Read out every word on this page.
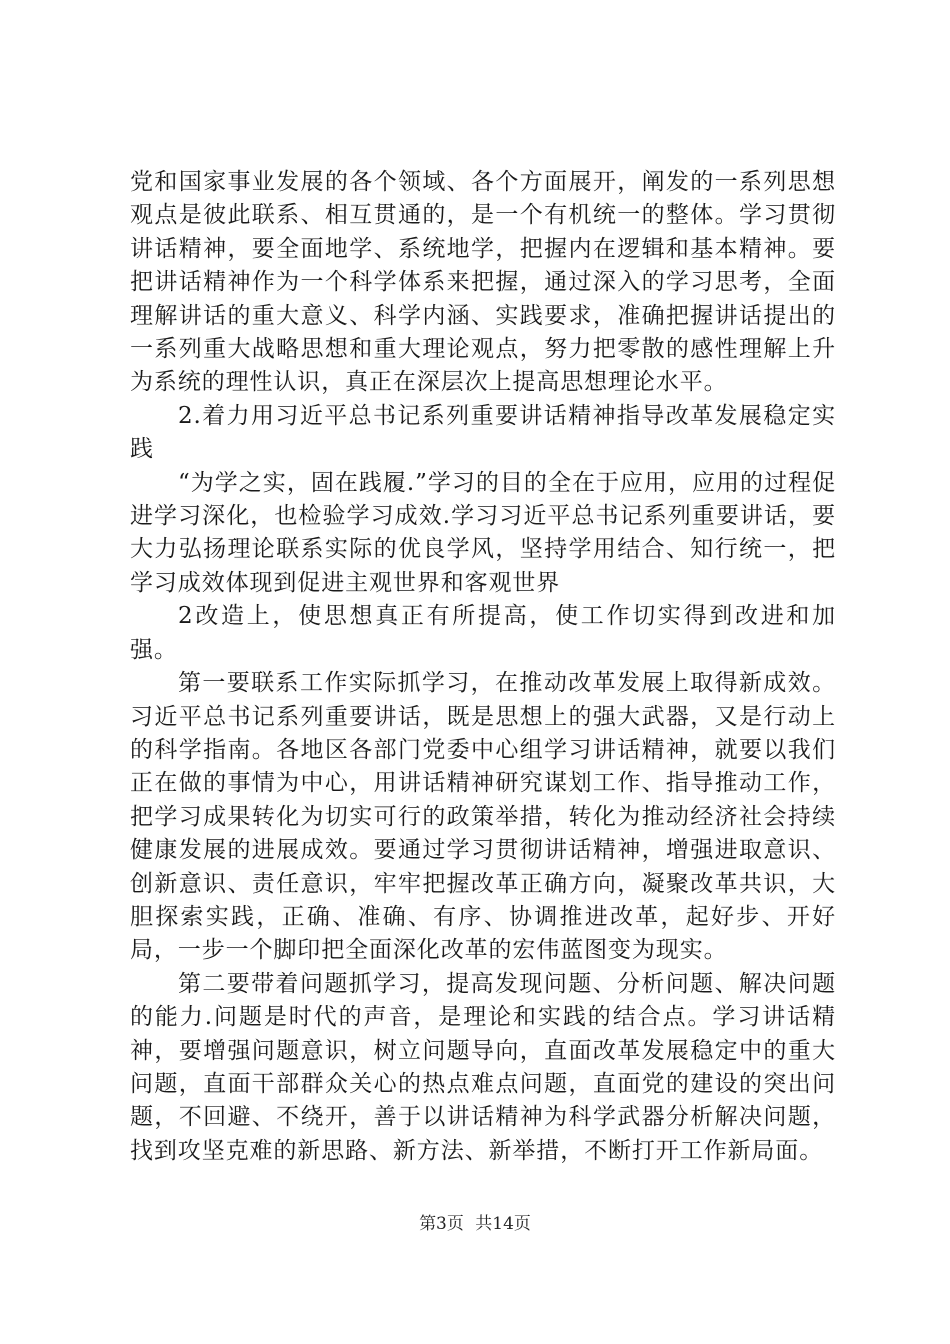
党和国家事业发展的各个领域、各个方面展开，阐发的一系列思想观点是彼此联系、相互贯通的，是一个有机统一的整体。学习贯彻讲话精神，要全面地学、系统地学，把握内在逻辑和基本精神。要把讲话精神作为一个科学体系来把握，通过深入的学习思考，全面理解讲话的重大意义、科学内涵、实践要求，准确把握讲话提出的一系列重大战略思想和重大理论观点，努力把零散的感性理解上升为系统的理性认识，真正在深层次上提高思想理论水平。

2.着力用习近平总书记系列重要讲话精神指导改革发展稳定实践

“为学之实，固在践履.”学习的目的全在于应用，应用的过程促进学习深化，也检验学习成效.学习习近平总书记系列重要讲话，要大力弘扬理论联系实际的优良学风，坚持学用结合、知行统一，把学习成效体现到促进主观世界和客观世界

2改造上，使思想真正有所提高，使工作切实得到改进和加强。

第一要联系工作实际抓学习，在推动改革发展上取得新成效。习近平总书记系列重要讲话，既是思想上的强大武器，又是行动上的科学指南。各地区各部门党委中心组学习讲话精神，就要以我们正在做的事情为中心，用讲话精神研究谋划工作、指导推动工作，把学习成果转化为切实可行的政策举措，转化为推动经济社会持续健康发展的进展成效。要通过学习贯彻讲话精神，增强进取意识、创新意识、责任意识，牢牢把握改革正确方向，凝聚改革共识，大胆探索实践，正确、准确、有序、协调推进改革，起好步、开好局，一步一个脚印把全面深化改革的宏伟蓝图变为现实。

第二要带着问题抓学习，提高发现问题、分析问题、解决问题的能力.问题是时代的声音，是理论和实践的结合点。学习讲话精神，要增强问题意识，树立问题导向，直面改革发展稳定中的重大问题，直面干部群众关心的热点难点问题，直面党的建设的突出问题，不回避、不绕开，善于以讲话精神为科学武器分析解决问题，找到攻坚克难的新思路、新方法、新举措，不断打开工作新局面。

第3页 共14页
